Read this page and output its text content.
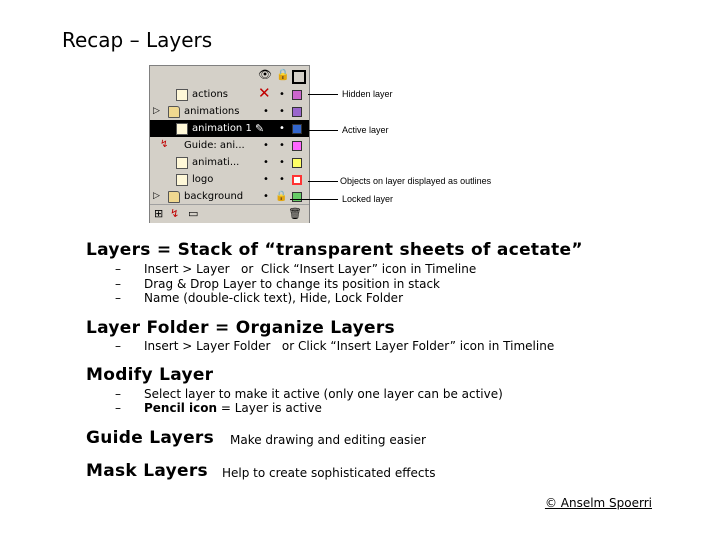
Recap – Layers
👁 🔒
actions ✕ •
▷ animations • •
animation 1 ✎ •
↯ Guide: ani... • •
animati... • •
logo	• •
▷ background • 🔒
⊞ ↯ ▭	🗑
Hidden layer
Active layer
Objects on layer displayed as outlines
Locked layer
Layers = Stack of “transparent sheets of acetate”
– Insert > Layer   or  Click “Insert Layer” icon in Timeline
– Drag & Drop Layer to change its position in stack
– Name (double-click text), Hide, Lock Folder
Layer Folder = Organize Layers
– Insert > Layer Folder   or Click “Insert Layer Folder” icon in Timeline
Modify Layer
– Select layer to make it active (only one layer can be active)
– Pencil icon = Layer is active
Guide Layers Make drawing and editing easier
Mask Layers Help to create sophisticated effects
© Anselm Spoerri
